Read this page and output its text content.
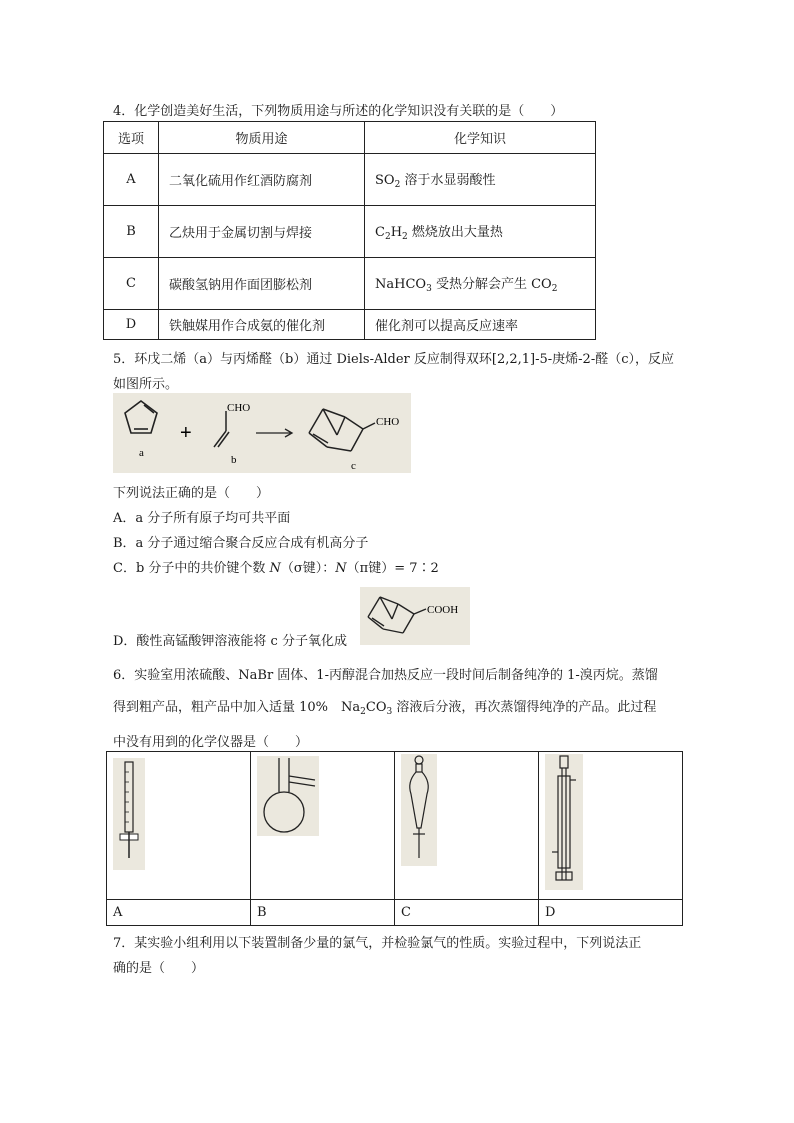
4．化学创造美好生活，下列物质用途与所述的化学知识没有关联的是（　　）
选项	物质用途	化学知识
A	二氧化硫用作红酒防腐剂	$SO_2$ 溶于水显弱酸性
B	乙炔用于金属切割与焊接	$C_2H_2$ 燃烧放出大量热
C	碳酸氢钠用作面团膨松剂	NaHCO$_3$ 受热分解会产生 $CO_2$
D	铁触媒用作合成氨的催化剂	催化剂可以提高反应速率
5．环戊二烯（a）与丙烯醛（b）通过 Diels-Alder 反应制得双环[2,2,1]-5-庚烯-2-醛（c），反应
如图所示。
a
+
CHO
b
CHO
c
下列说法正确的是（　　）
A．a 分子所有原子均可共平面
B．a 分子通过缩合聚合反应合成有机高分子
C．b 分子中的共价键个数 N（σ键）：N（π键）= 7∶2
COOH
D．酸性高锰酸钾溶液能将 c 分子氧化成
6．实验室用浓硫酸、NaBr 固体、1-丙醇混合加热反应一段时间后制备纯净的 1-溴丙烷。蒸馏
得到粗产品，粗产品中加入适量 10%　$Na_2CO_3$ 溶液后分液，再次蒸馏得纯净的产品。此过程
中没有用到的化学仪器是（　　）

A	B	C	D
7．某实验小组利用以下装置制备少量的氯气，并检验氯气的性质。实验过程中，下列说法正
确的是（　　）
